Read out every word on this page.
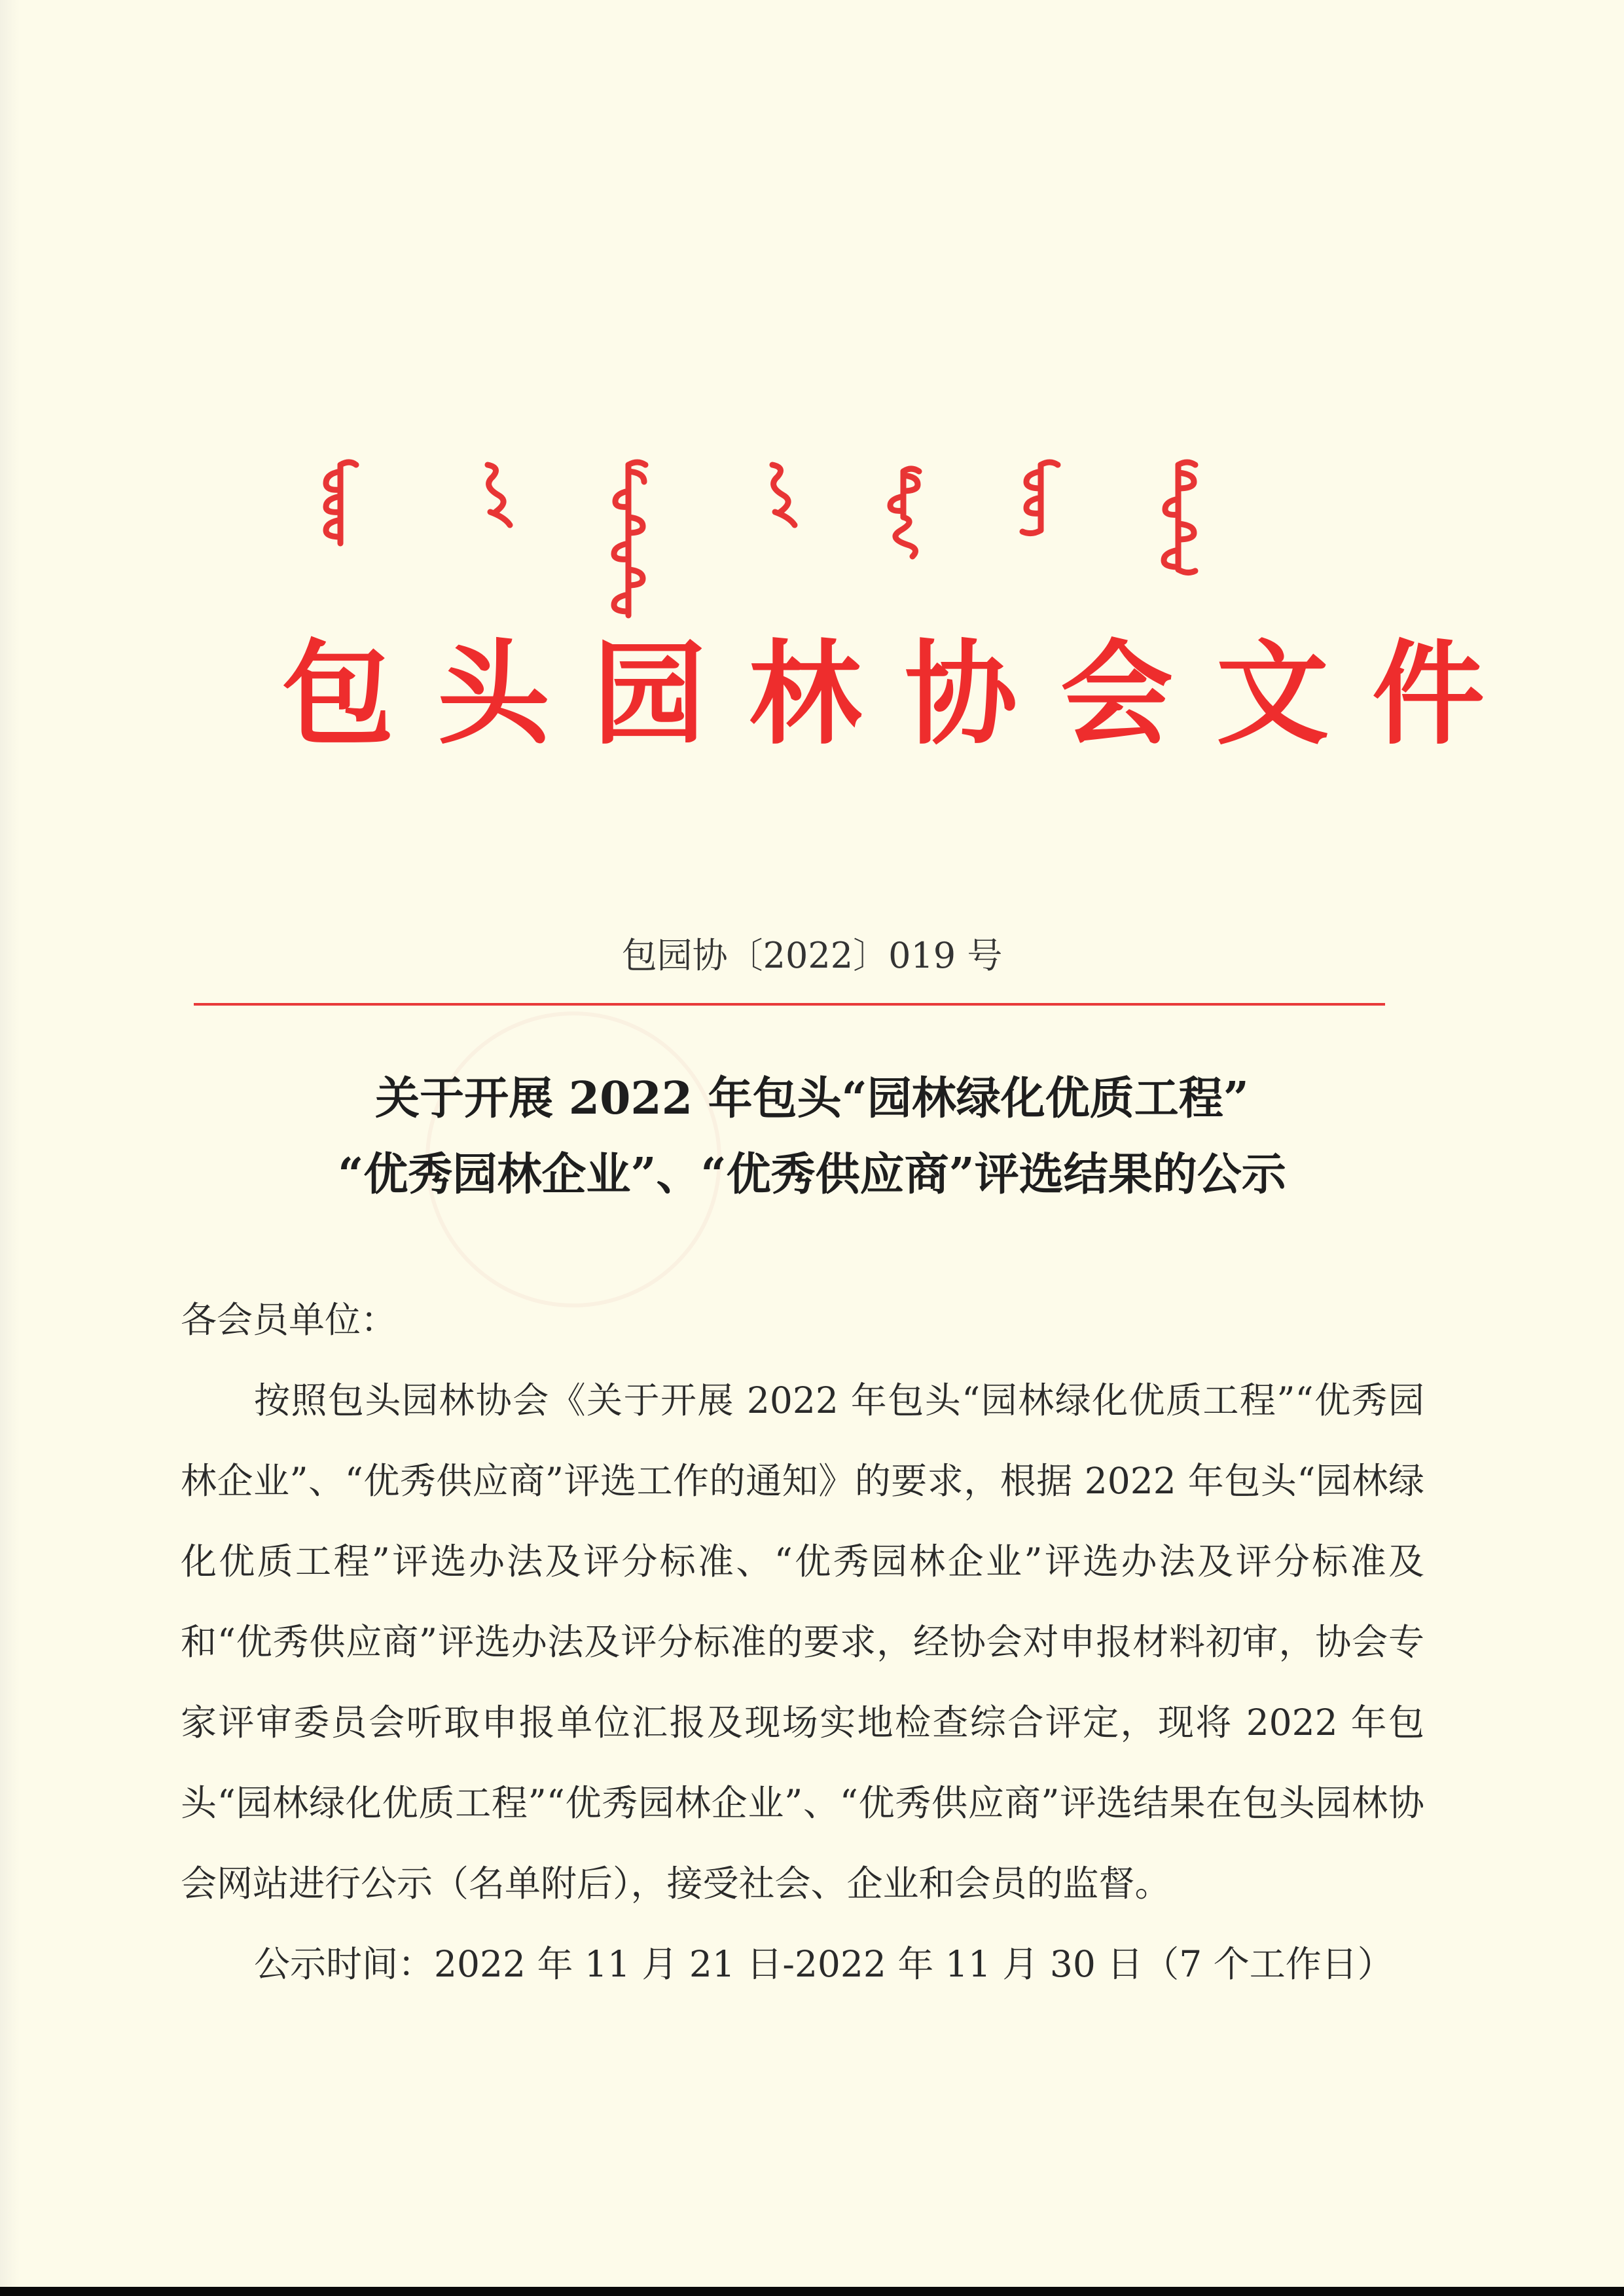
包头园林协会文件
包园协〔2022〕019 号
关于开展 2022 年包头“园林绿化优质工程”
“优秀园林企业”、“优秀供应商”评选结果的公示

各会员单位：

按照包头园林协会《关于开展 2022 年包头“园林绿化优质工程”“优秀园林企业”、“优秀供应商”评选工作的通知》的要求，根据 2022 年包头“园林绿化优质工程”评选办法及评分标准、“优秀园林企业”评选办法及评分标准及和“优秀供应商”评选办法及评分标准的要求，经协会对申报材料初审，协会专家评审委员会听取申报单位汇报及现场实地检查综合评定，现将 2022 年包头“园林绿化优质工程”“优秀园林企业”、“优秀供应商”评选结果在包头园林协会网站进行公示（名单附后），接受社会、企业和会员的监督。

公示时间：2022 年 11 月 21 日-2022 年 11 月 30 日（7 个工作日）
